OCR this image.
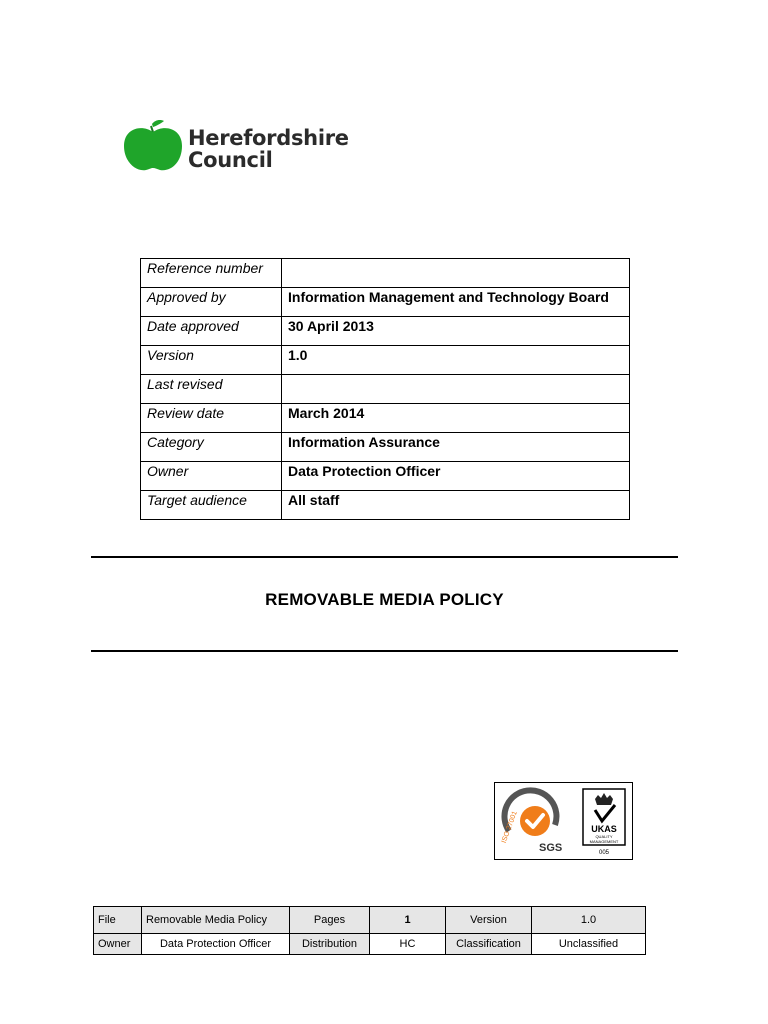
Herefordshire
Council
Reference number	
Approved by	Information Management and Technology Board
Date approved	30 April 2013
Version	1.0
Last revised	
Review date	March 2014
Category	Information Assurance
Owner	Data Protection Officer
Target audience	All staff
REMOVABLE MEDIA POLICY
ISO 27001
SGS
UKAS
QUALITY
MANAGEMENT
005
File	Removable Media Policy	Pages	1	Version	1.0
Owner	Data Protection Officer	Distribution	HC	Classification	Unclassified
